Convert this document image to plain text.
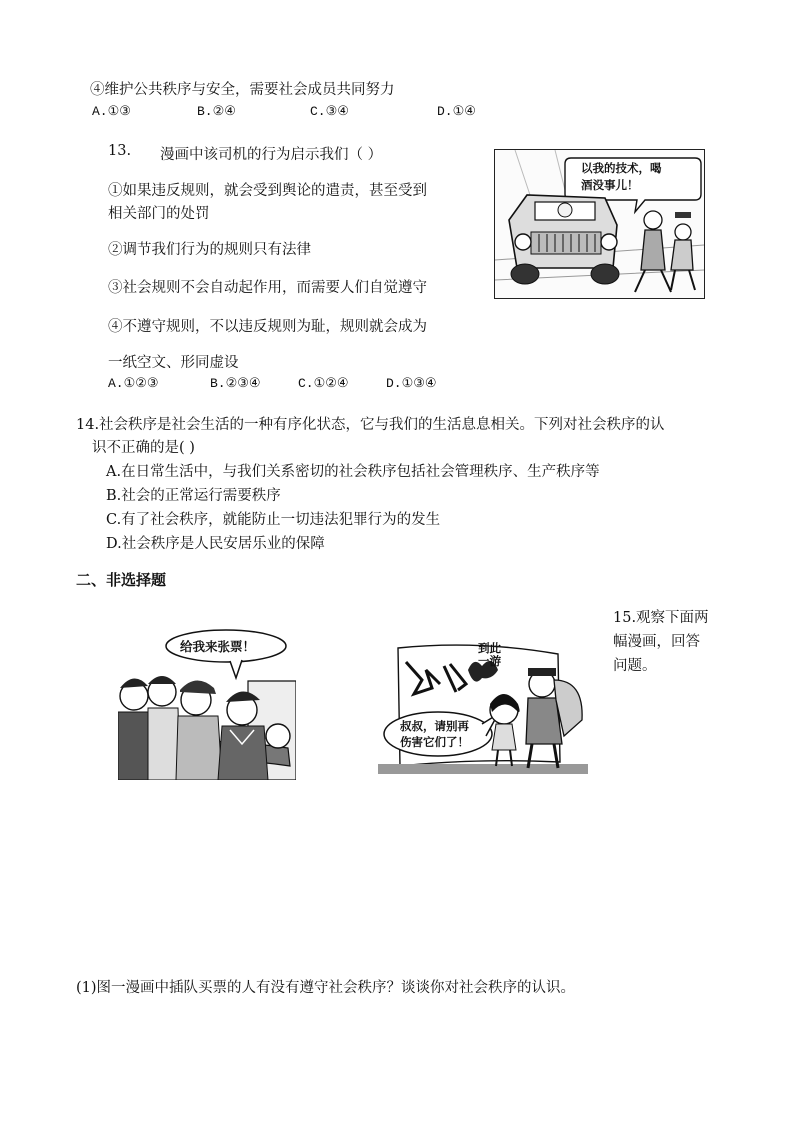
④维护公共秩序与安全，需要社会成员共同努力
A.①③	B.②④	C.③④	D.①④
13. 漫画中该司机的行为启示我们（ ）
①如果违反规则，就会受到舆论的遣责，甚至受到
相关部门的处罚
②调节我们行为的规则只有法律
③社会规则不会自动起作用，而需要人们自觉遵守
④不遵守规则，不以违反规则为耻，规则就会成为
一纸空文、形同虚设
A.①②③	B.②③④	C.①②④	D.①③④
以我的技术，喝
酒没事儿！
14.社会秩序是社会生活的一种有序化状态，它与我们的生活息息相关。下列对社会秩序的认
识不正确的是( )
A.在日常生活中，与我们关系密切的社会秩序包括社会管理秩序、生产秩序等
B.社会的正常运行需要秩序
C.有了社会秩序，就能防止一切违法犯罪行为的发生
D.社会秩序是人民安居乐业的保障
二、非选择题
15.观察下面两
幅漫画，回答
问题。
给我来张票！	到此一游
叔叔，请别再
伤害它们了！
(1)图一漫画中插队买票的人有没有遵守社会秩序？谈谈你对社会秩序的认识。
